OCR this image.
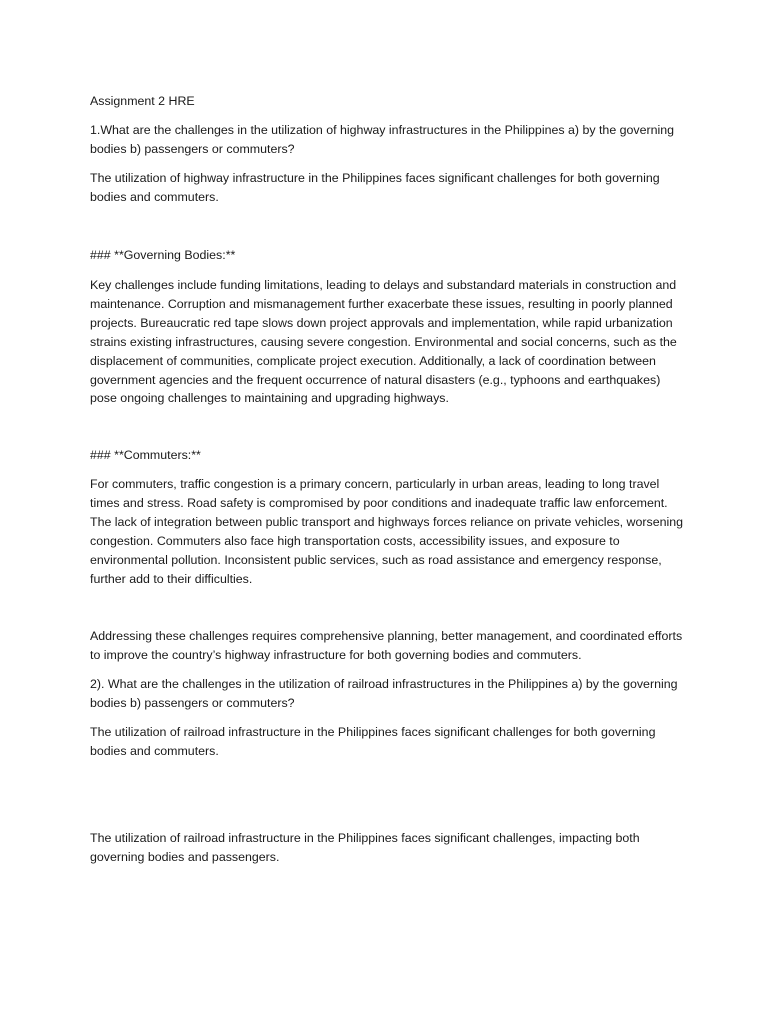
Assignment 2 HRE

1.What are the challenges in the utilization of highway infrastructures in the Philippines a) by the governing bodies b) passengers or commuters?

The utilization of highway infrastructure in the Philippines faces significant challenges for both governing bodies and commuters.

### **Governing Bodies:**

Key challenges include funding limitations, leading to delays and substandard materials in construction and maintenance. Corruption and mismanagement further exacerbate these issues, resulting in poorly planned projects. Bureaucratic red tape slows down project approvals and implementation, while rapid urbanization strains existing infrastructures, causing severe congestion. Environmental and social concerns, such as the displacement of communities, complicate project execution. Additionally, a lack of coordination between government agencies and the frequent occurrence of natural disasters (e.g., typhoons and earthquakes) pose ongoing challenges to maintaining and upgrading highways.

### **Commuters:**

For commuters, traffic congestion is a primary concern, particularly in urban areas, leading to long travel times and stress. Road safety is compromised by poor conditions and inadequate traffic law enforcement. The lack of integration between public transport and highways forces reliance on private vehicles, worsening congestion. Commuters also face high transportation costs, accessibility issues, and exposure to environmental pollution. Inconsistent public services, such as road assistance and emergency response, further add to their difficulties.

Addressing these challenges requires comprehensive planning, better management, and coordinated efforts to improve the country’s highway infrastructure for both governing bodies and commuters.

2). What are the challenges in the utilization of railroad infrastructures in the Philippines a) by the governing bodies b) passengers or commuters?

The utilization of railroad infrastructure in the Philippines faces significant challenges for both governing bodies and commuters.

The utilization of railroad infrastructure in the Philippines faces significant challenges, impacting both governing bodies and passengers.
